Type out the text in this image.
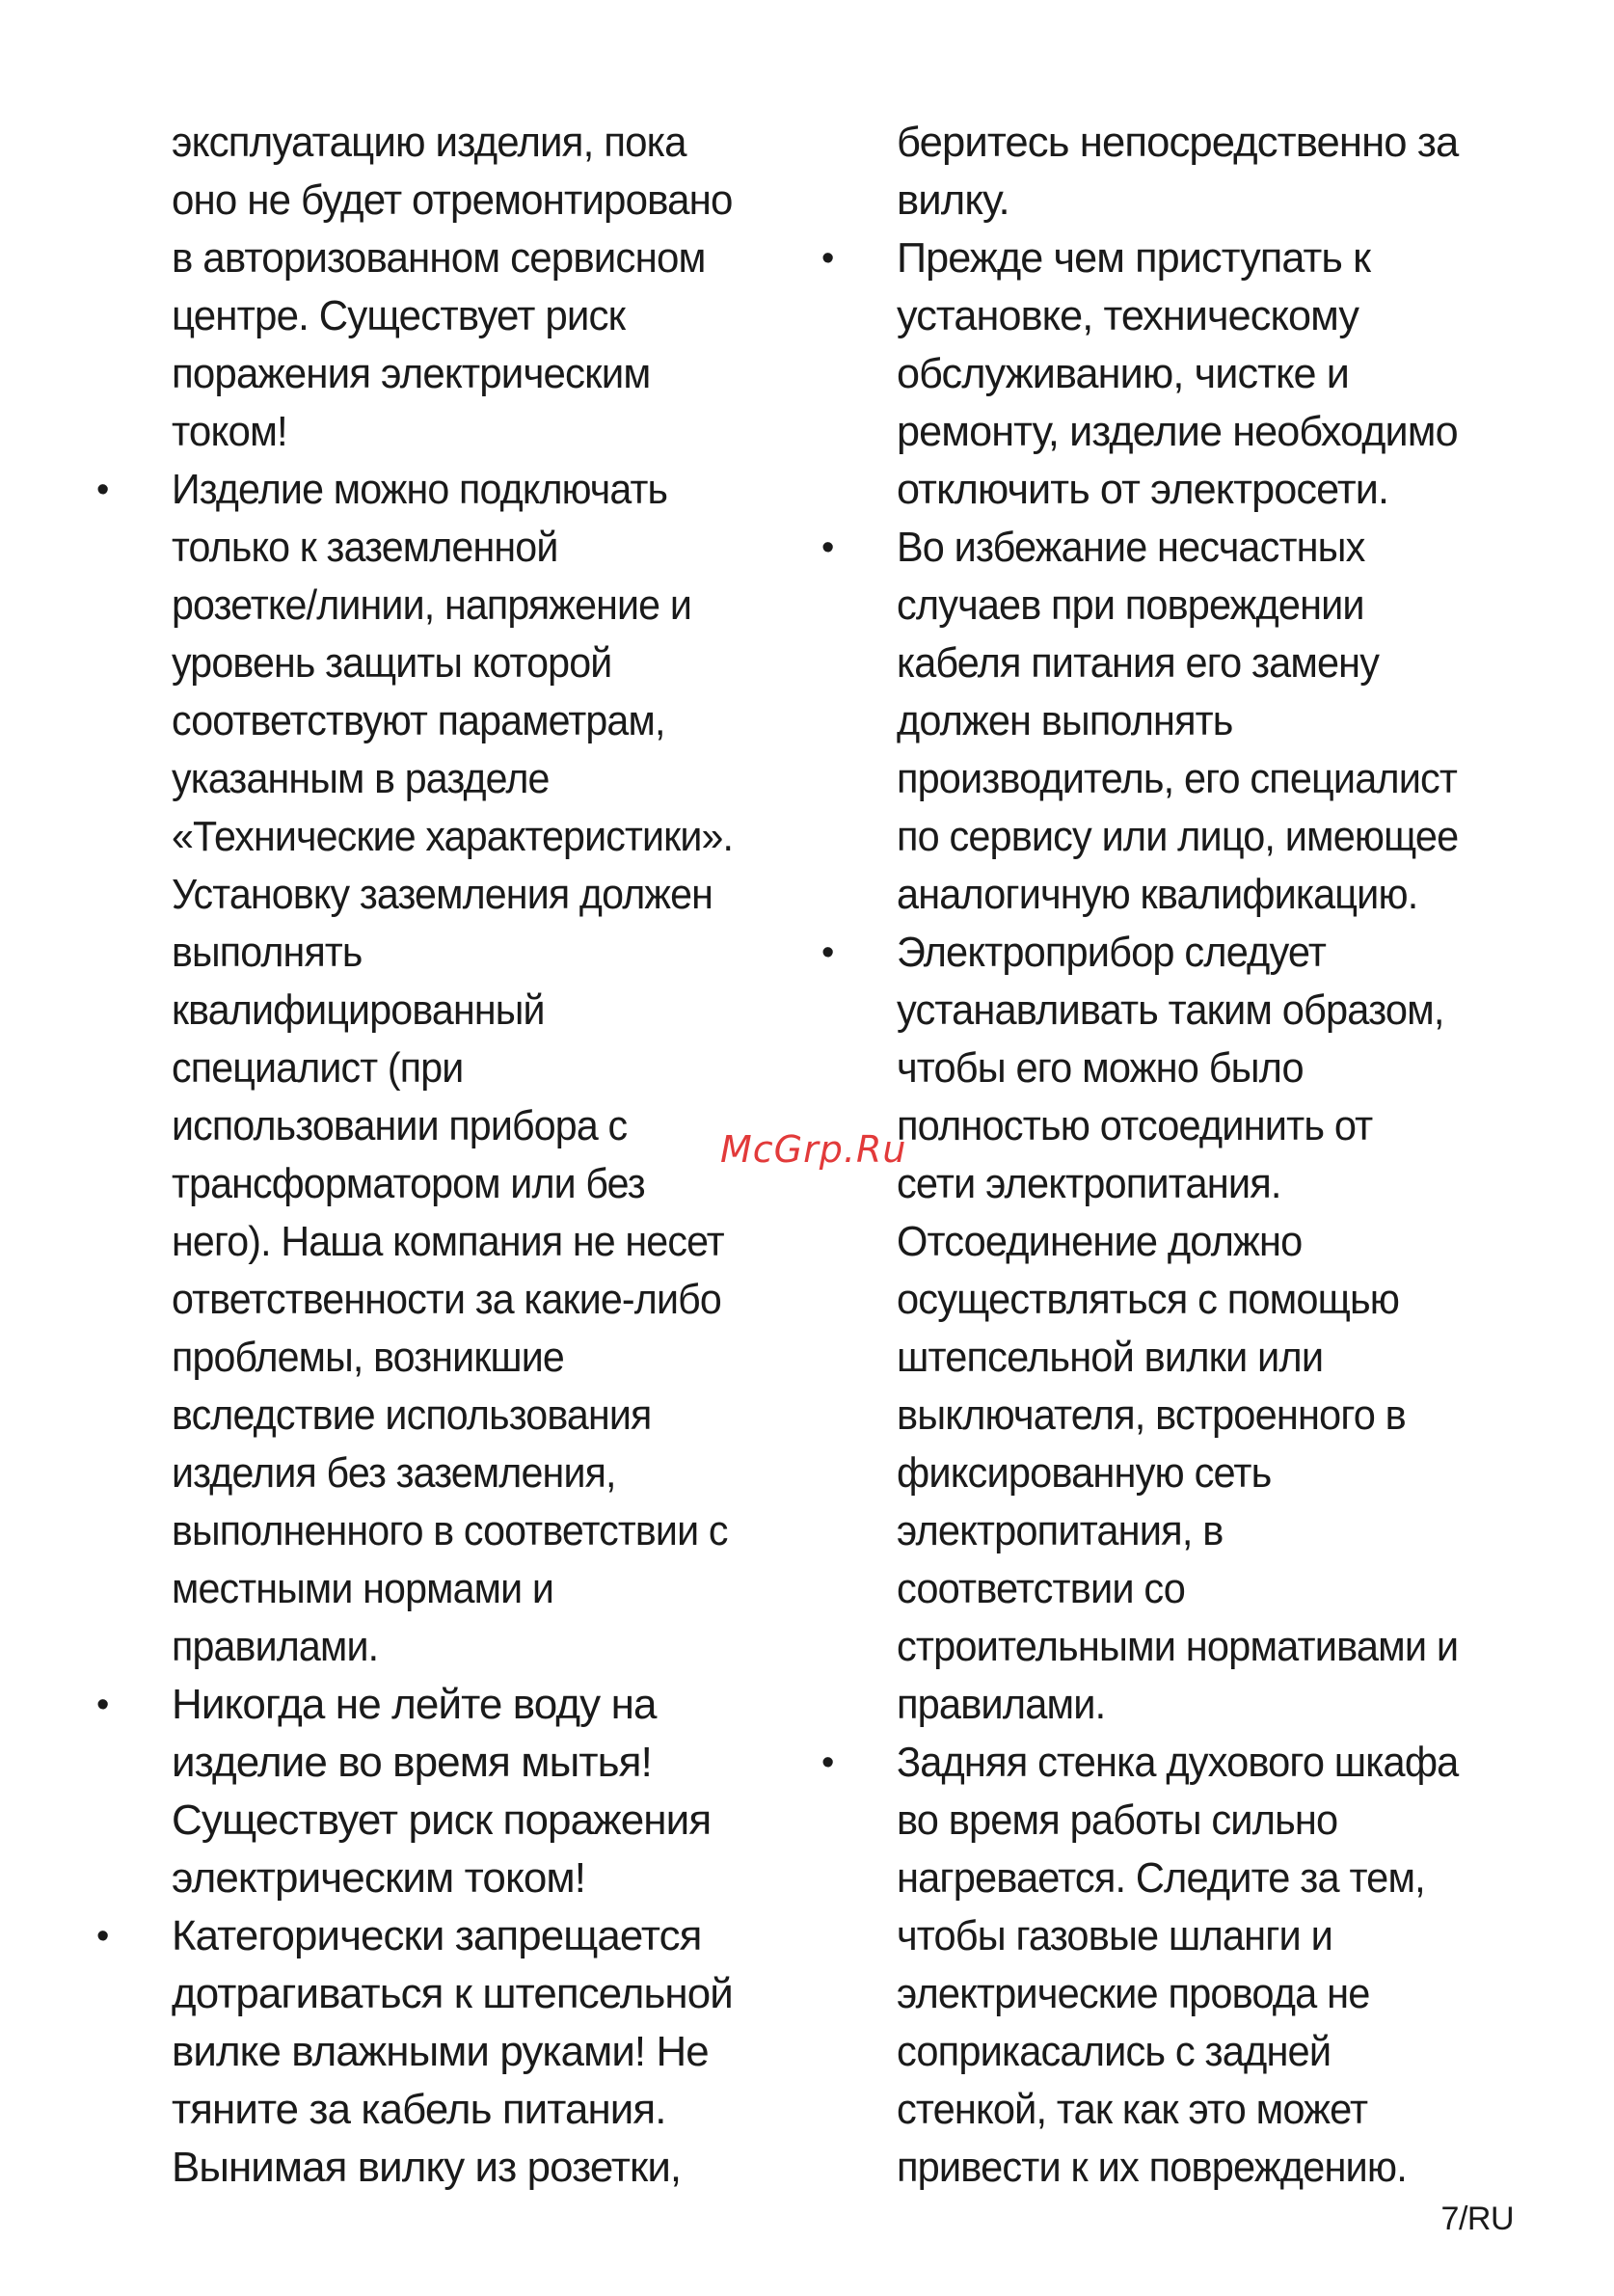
эксплуатацию изделия, пока
оно не будет отремонтировано
в авторизованном сервисном
центре. Существует риск
поражения электрическим
током!
•	Изделие можно подключать
только к заземленной
розетке/линии, напряжение и
уровень защиты которой
соответствуют параметрам,
указанным в разделе
«Технические характеристики».
Установку заземления должен
выполнять
квалифицированный
специалист (при
использовании прибора с
трансформатором или без
него). Наша компания не несет
ответственности за какие-либо
проблемы, возникшие
вследствие использования
изделия без заземления,
выполненного в соответствии с
местными нормами и
правилами.
•	Никогда не лейте воду на
изделие во время мытья!
Существует риск поражения
электрическим током!
•	Категорически запрещается
дотрагиваться к штепсельной
вилке влажными руками! Не
тяните за кабель питания.
Вынимая вилку из розетки,
беритесь непосредственно за
вилку.
•	Прежде чем приступать к
установке, техническому
обслуживанию, чистке и
ремонту, изделие необходимо
отключить от электросети.
•	Во избежание несчастных
случаев при повреждении
кабеля питания его замену
должен выполнять
производитель, его специалист
по сервису или лицо, имеющее
аналогичную квалификацию.
•	Электроприбор следует
устанавливать таким образом,
чтобы его можно было
полностью отсоединить от
сети электропитания.
Отсоединение должно
осуществляться с помощью
штепсельной вилки или
выключателя, встроенного в
фиксированную сеть
электропитания, в
соответствии со
строительными нормативами и
правилами.
•	Задняя стенка духового шкафа
во время работы сильно
нагревается. Следите за тем,
чтобы газовые шланги и
электрические провода не
соприкасались с задней
стенкой, так как это может
привести к их повреждению.
McGrp.Ru
7/RU
